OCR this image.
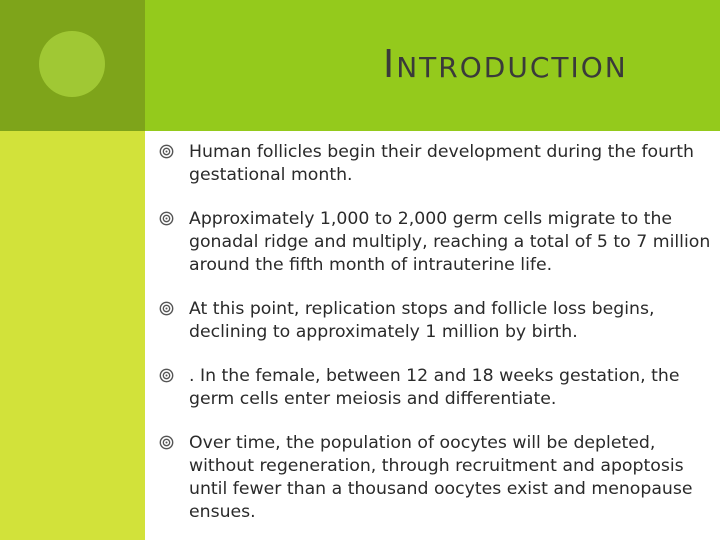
INTRODUCTION
Human follicles begin their development during the fourth gestational month.
Approximately 1,000 to 2,000 germ cells migrate to the gonadal ridge and multiply, reaching a total of 5 to 7 million around the fifth month of intrauterine life.
At this point, replication stops and follicle loss begins, declining to approximately 1 million by birth.
. In the female, between 12 and 18 weeks gestation, the germ cells enter meiosis and differentiate.
Over time, the population of oocytes will be depleted, without regeneration, through recruitment and apoptosis until fewer than a thousand oocytes exist and menopause ensues.
